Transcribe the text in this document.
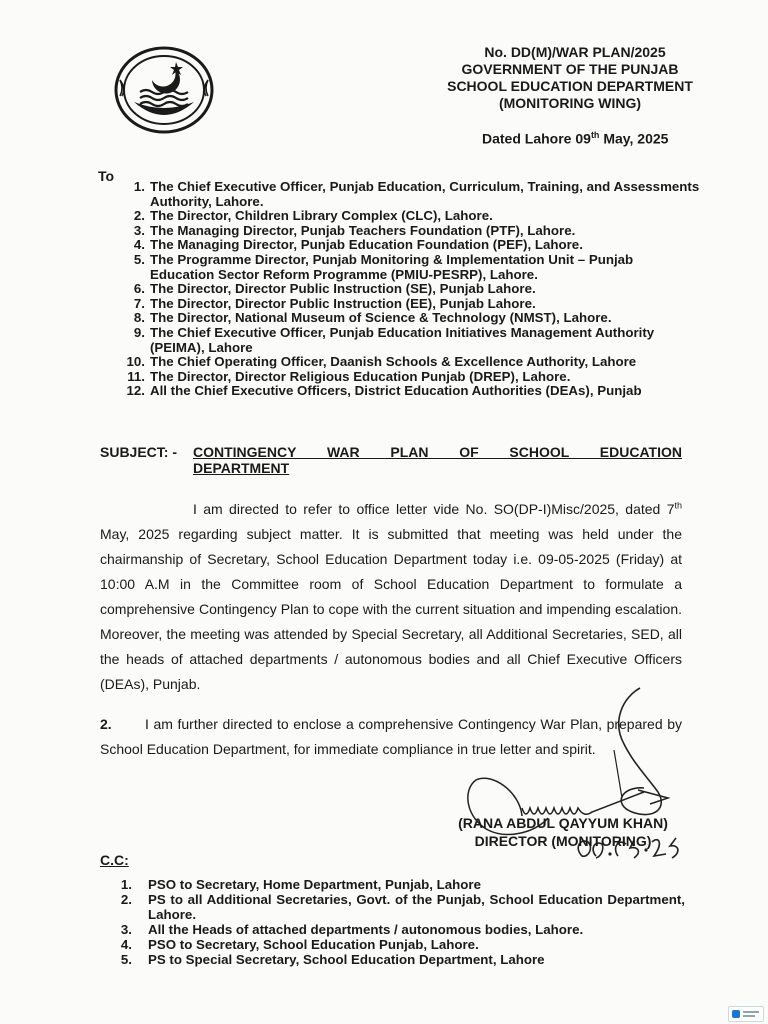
No. DD(M)/WAR PLAN/2025
GOVERNMENT OF THE PUNJAB
SCHOOL EDUCATION DEPARTMENT
(MONITORING WING)
Dated Lahore 09th May, 2025
To
1. The Chief Executive Officer, Punjab Education, Curriculum, Training, and Assessments Authority, Lahore.
2. The Director, Children Library Complex (CLC), Lahore.
3. The Managing Director, Punjab Teachers Foundation (PTF), Lahore.
4. The Managing Director, Punjab Education Foundation (PEF), Lahore.
5. The Programme Director, Punjab Monitoring & Implementation Unit – Punjab Education Sector Reform Programme (PMIU-PESRP), Lahore.
6. The Director, Director Public Instruction (SE), Punjab Lahore.
7. The Director, Director Public Instruction (EE), Punjab Lahore.
8. The Director, National Museum of Science & Technology (NMST), Lahore.
9. The Chief Executive Officer, Punjab Education Initiatives Management Authority (PEIMA), Lahore
10. The Chief Operating Officer, Daanish Schools & Excellence Authority, Lahore
11. The Director, Director Religious Education Punjab (DREP), Lahore.
12. All the Chief Executive Officers, District Education Authorities (DEAs), Punjab
SUBJECT: - CONTINGENCY WAR PLAN OF SCHOOL EDUCATION
DEPARTMENT
I am directed to refer to office letter vide No. SO(DP-I)Misc/2025, dated 7th May, 2025 regarding subject matter. It is submitted that meeting was held under the chairmanship of Secretary, School Education Department today i.e. 09-05-2025 (Friday) at 10:00 A.M in the Committee room of School Education Department to formulate a comprehensive Contingency Plan to cope with the current situation and impending escalation. Moreover, the meeting was attended by Special Secretary, all Additional Secretaries, SED, all the heads of attached departments / autonomous bodies and all Chief Executive Officers (DEAs), Punjab.
2. I am further directed to enclose a comprehensive Contingency War Plan, prepared by School Education Department, for immediate compliance in true letter and spirit.
(RANA ABDUL QAYYUM KHAN)
DIRECTOR (MONITORING)
C.C:
1.	PSO to Secretary, Home Department, Punjab, Lahore
2.	PS to all Additional Secretaries, Govt. of the Punjab, School Education Department, Lahore.
3.	All the Heads of attached departments / autonomous bodies, Lahore.
4.	PSO to Secretary, School Education Punjab, Lahore.
5.	PS to Special Secretary, School Education Department, Lahore
